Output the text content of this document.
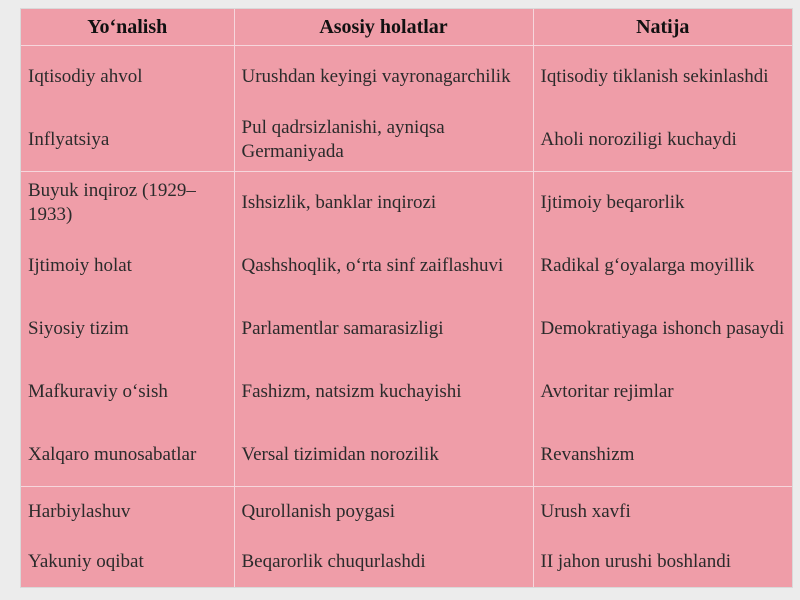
Yo‘nalish	Asosiy holatlar	Natija
Iqtisodiy ahvol	Urushdan keyingi vayronagarchilik	Iqtisodiy tiklanish sekinlashdi
Inflyatsiya	Pul qadrsizlanishi, ayniqsa Germaniyada	Aholi noroziligi kuchaydi
Buyuk inqiroz (1929–1933)	Ishsizlik, banklar inqirozi	Ijtimoiy beqarorlik
Ijtimoiy holat	Qashshoqlik, o‘rta sinf zaiflashuvi	Radikal g‘oyalarga moyillik
Siyosiy tizim	Parlamentlar samarasizligi	Demokratiyaga ishonch pasaydi
Mafkuraviy o‘sish	Fashizm, natsizm kuchayishi	Avtoritar rejimlar
Xalqaro munosabatlar	Versal tizimidan norozilik	Revanshizm
Harbiylashuv	Qurollanish poygasi	Urush xavfi
Yakuniy oqibat	Beqarorlik chuqurlashdi	II jahon urushi boshlandi
